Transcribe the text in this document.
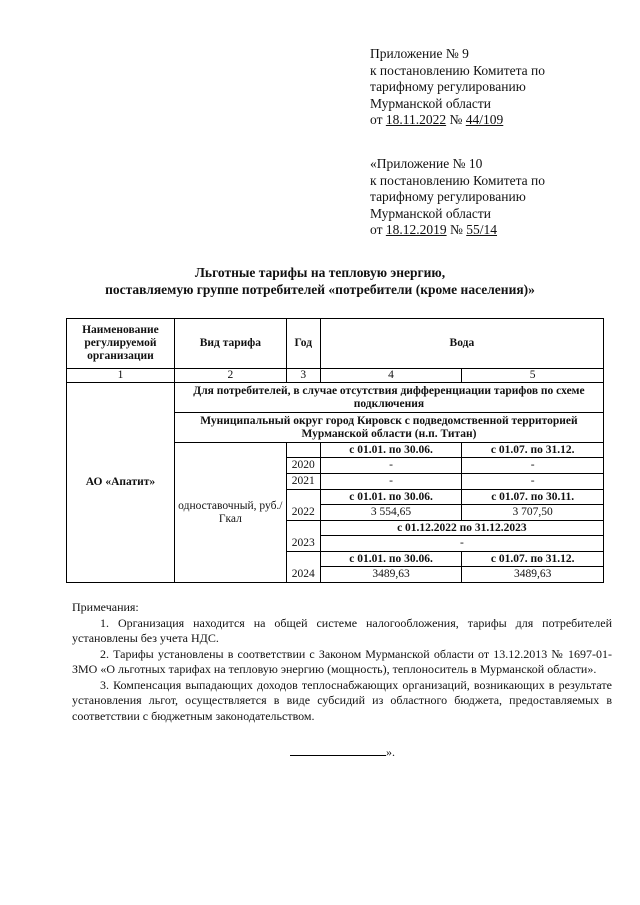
Приложение № 9
к постановлению Комитета по
тарифному регулированию
Мурманской области
от 18.11.2022 № 44/109
«Приложение № 10
к постановлению Комитета по
тарифному регулированию
Мурманской области
от 18.12.2019 № 55/14
Льготные тарифы на тепловую энергию,
поставляемую группе потребителей «потребители (кроме населения)»
Наименование регулируемой организации	Вид тарифа	Год	Вода	
1	2	3	4	5
АО «Апатит»	Для потребителей, в случае отсутствия дифференциации тарифов по схеме подключения			
	Муниципальный округ город Кировск с подведомственной территорией Мурманской области (н.п. Титан)			
	одноставочный, руб./Гкал		с 01.01. по 30.06.	с 01.07. по 31.12.
		2020	-	-
		2021	-	-
			с 01.01. по 30.06.	с 01.07. по 30.11.
		2022	3 554,65	3 707,50
			с 01.12.2022 по 31.12.2023	
		2023	-	
			с 01.01. по 30.06.	с 01.07. по 31.12.
		2024	3489,63	3489,63

Примечания:

1. Организация находится на общей системе налогообложения, тарифы для потребителей установлены без учета НДС.

2. Тарифы установлены в соответствии с Законом Мурманской области от 13.12.2013 № 1697-01-ЗМО «О льготных тарифах на тепловую энергию (мощность), теплоноситель в Мурманской области».

3. Компенсация выпадающих доходов теплоснабжающих организаций, возникающих в результате установления льгот, осуществляется в виде субсидий из областного бюджета, предоставляемых в соответствии с бюджетным законодательством.

».
